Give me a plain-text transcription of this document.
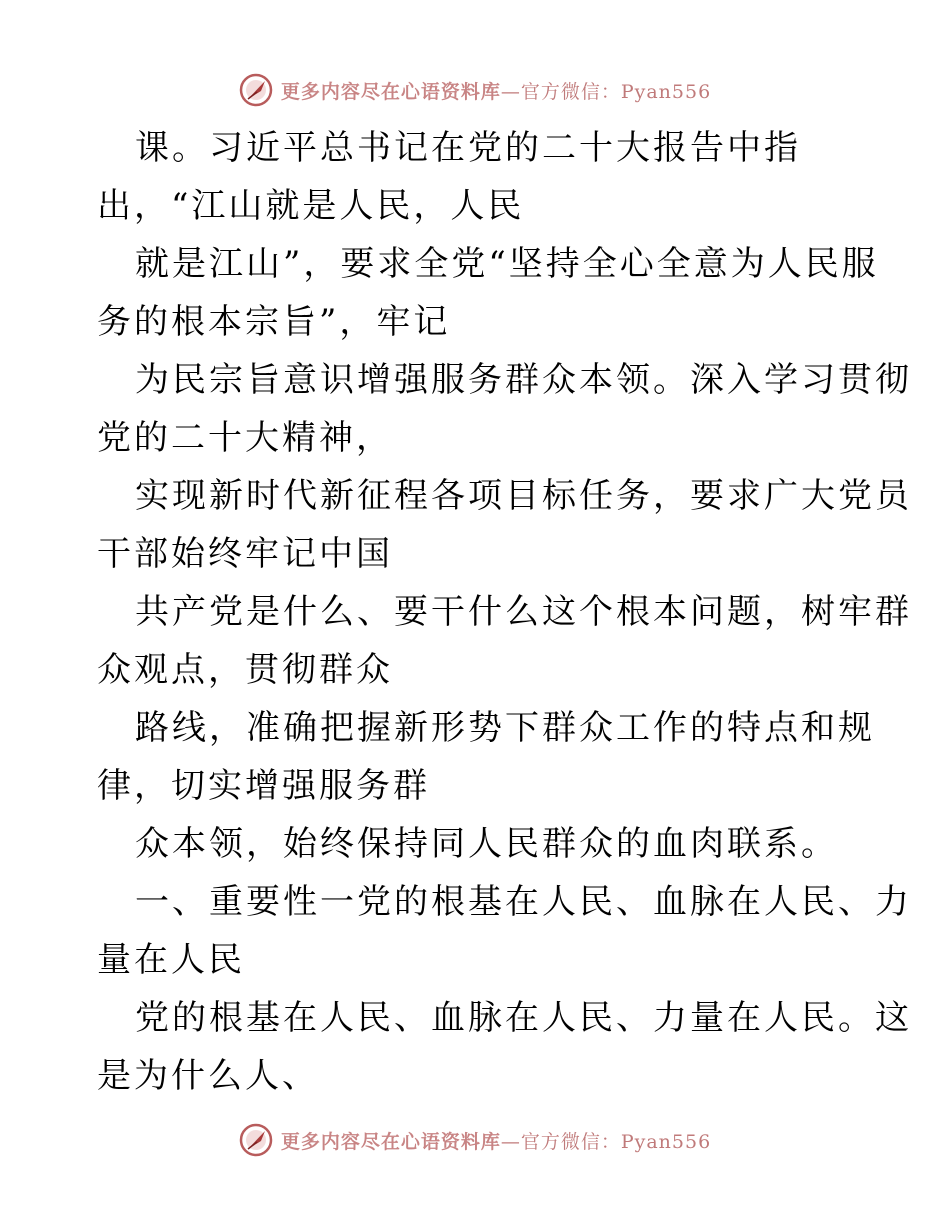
更多内容尽在心语资料库—官方微信：Pyan556
课。习近平总书记在党的二十大报告中指
出，“江山就是人民，人民
就是江山”，要求全党“坚持全心全意为人民服
务的根本宗旨”，牢记
为民宗旨意识增强服务群众本领。深入学习贯彻
党的二十大精神，
实现新时代新征程各项目标任务，要求广大党员
干部始终牢记中国
共产党是什么、要干什么这个根本问题，树牢群
众观点，贯彻群众
路线，准确把握新形势下群众工作的特点和规
律，切实增强服务群
众本领，始终保持同人民群众的血肉联系。
一、重要性一党的根基在人民、血脉在人民、力
量在人民
党的根基在人民、血脉在人民、力量在人民。这
是为什么人、
更多内容尽在心语资料库—官方微信：Pyan556
